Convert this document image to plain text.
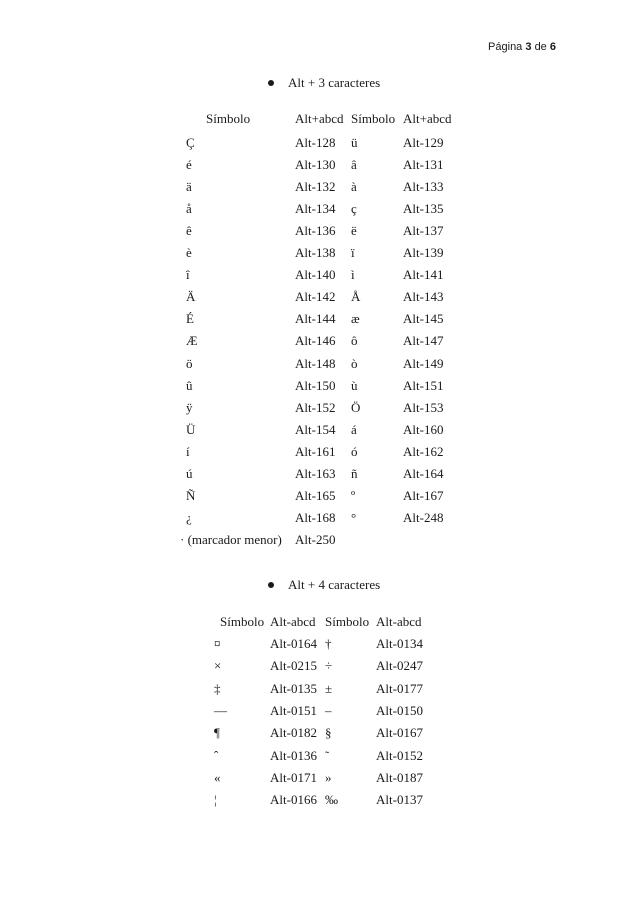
Página 3 de 6
Alt + 3 caracteres
Símbolo	Alt+abcd Símbolo Alt+abcd
Ç	Alt-128 ü	Alt-129
é	Alt-130 â	Alt-131
ä	Alt-132 à	Alt-133
å	Alt-134 ç	Alt-135
ê	Alt-136 ë	Alt-137
è	Alt-138 ï	Alt-139
î	Alt-140 ì	Alt-141
Ä	Alt-142 Å	Alt-143
É	Alt-144 æ	Alt-145
Æ	Alt-146 ô	Alt-147
ö	Alt-148 ò	Alt-149
û	Alt-150 ù	Alt-151
ÿ	Alt-152 Ö	Alt-153
Ü	Alt-154 á	Alt-160
í	Alt-161 ó	Alt-162
ú	Alt-163 ñ	Alt-164
Ñ	Alt-165 º	Alt-167
¿	Alt-168 °	Alt-248
· (marcador menor) Alt-250
Alt + 4 caracteres
Símbolo Alt-abcd Símbolo Alt-abcd
¤	Alt-0164 †	Alt-0134
×	Alt-0215 ÷	Alt-0247
‡	Alt-0135 ±	Alt-0177
—	Alt-0151 –	Alt-0150
¶	Alt-0182 §	Alt-0167
ˆ	Alt-0136 ˜	Alt-0152
«	Alt-0171 »	Alt-0187
¦	Alt-0166 ‰	Alt-0137
